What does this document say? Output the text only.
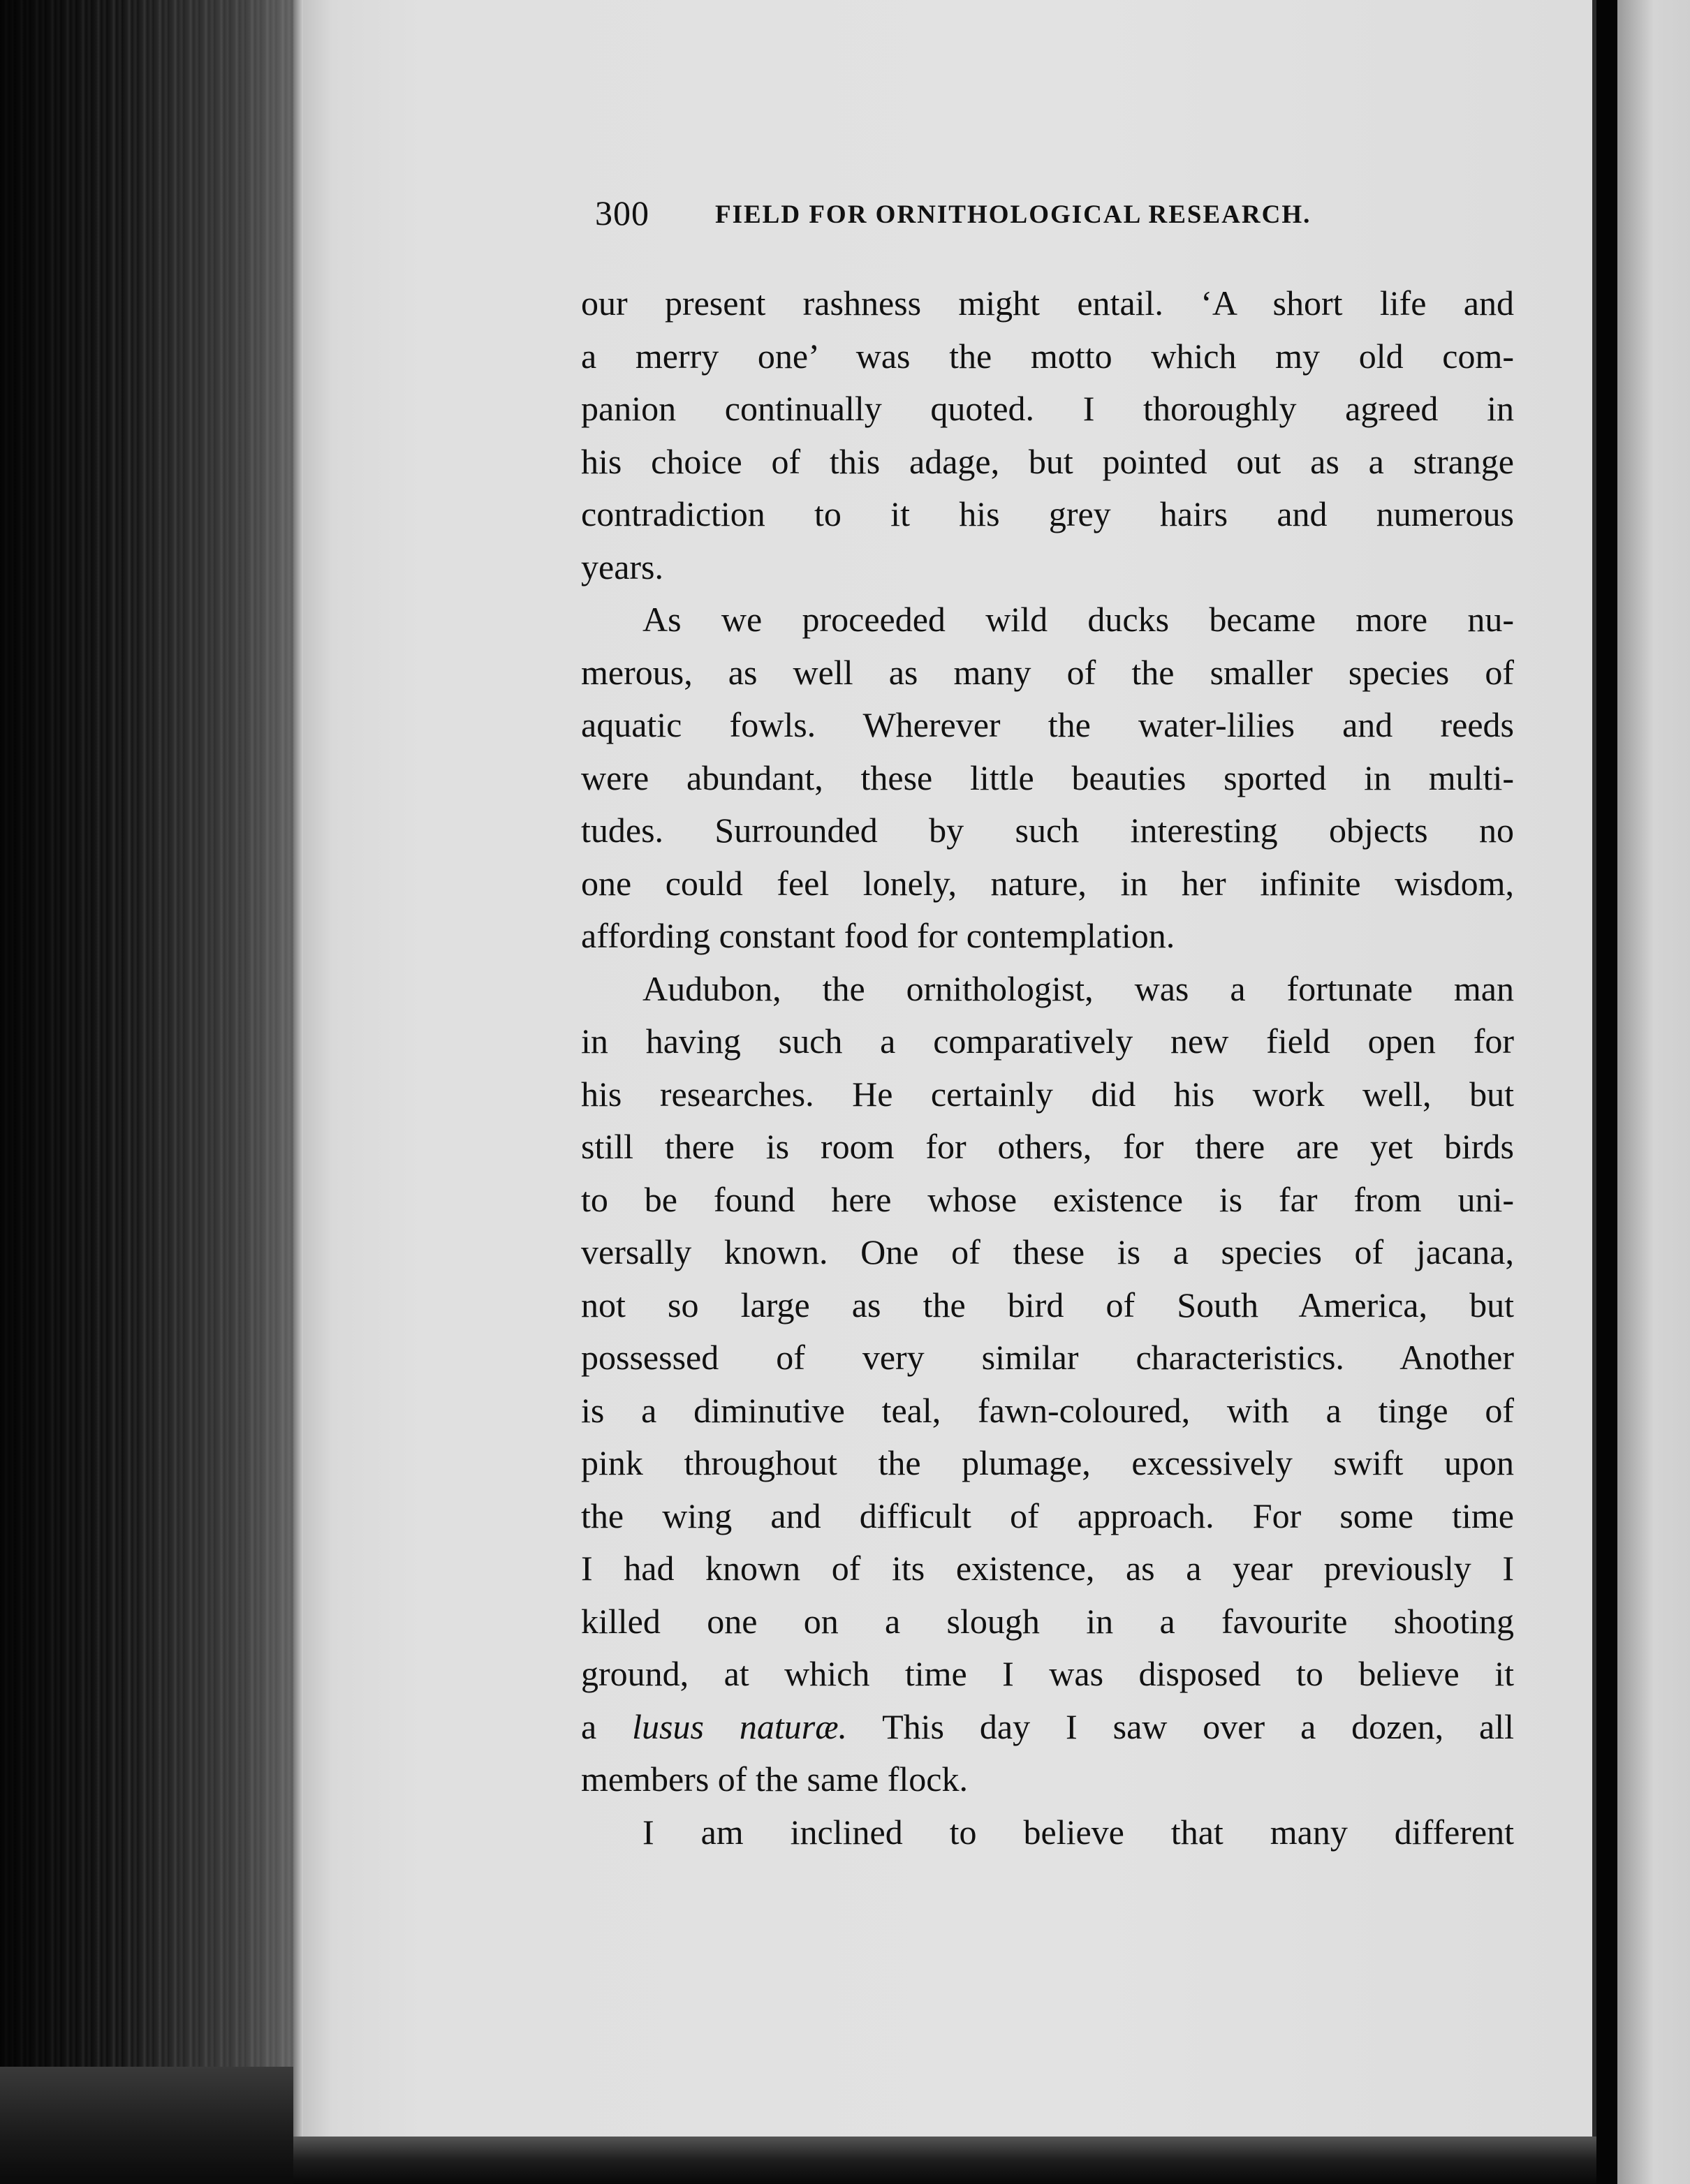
300	FIELD FOR ORNITHOLOGICAL RESEARCH.

our present rashness might entail. ‘A short life and
a merry one’ was the motto which my old com-
panion continually quoted. I thoroughly agreed in
his choice of this adage, but pointed out as a strange
contradiction to it his grey hairs and numerous
years.

As we proceeded wild ducks became more nu-
merous, as well as many of the smaller species of
aquatic fowls. Wherever the water-lilies and reeds
were abundant, these little beauties sported in multi-
tudes. Surrounded by such interesting objects no
one could feel lonely, nature, in her infinite wisdom,
affording constant food for contemplation.

Audubon, the ornithologist, was a fortunate man
in having such a comparatively new field open for
his researches. He certainly did his work well, but
still there is room for others, for there are yet birds
to be found here whose existence is far from uni-
versally known. One of these is a species of jacana,
not so large as the bird of South America, but
possessed of very similar characteristics. Another
is a diminutive teal, fawn-coloured, with a tinge of
pink throughout the plumage, excessively swift upon
the wing and difficult of approach. For some time
I had known of its existence, as a year previously I
killed one on a slough in a favourite shooting
ground, at which time I was disposed to believe it
a lusus naturæ. This day I saw over a dozen, all
members of the same flock.

I am inclined to believe that many different
